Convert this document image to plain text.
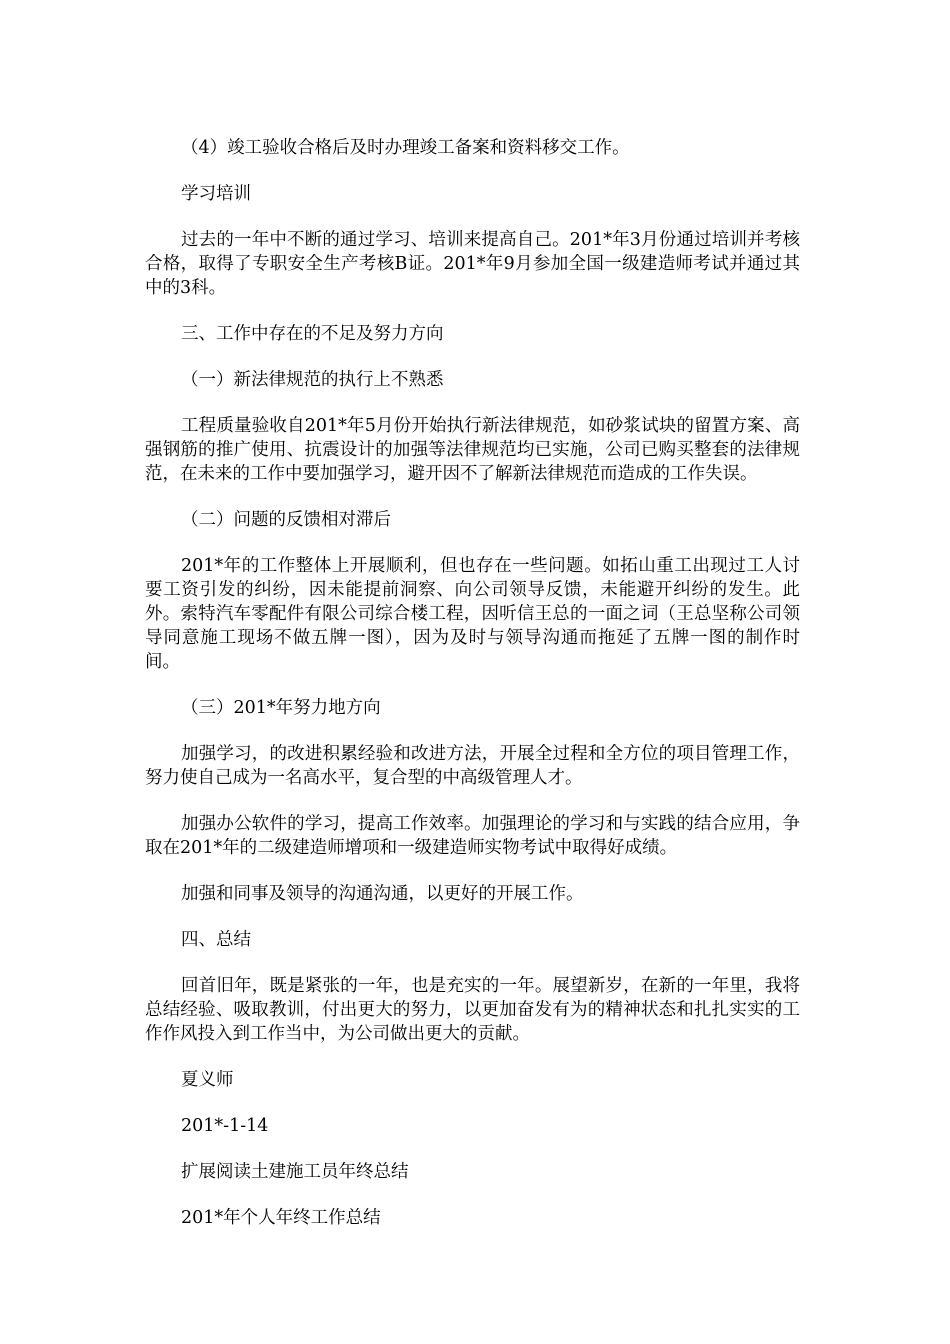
（4）竣工验收合格后及时办理竣工备案和资料移交工作。

学习培训

过去的一年中不断的通过学习、培训来提高自己。201*年3月份通过培训并考核合格，取得了专职安全生产考核B证。201*年9月参加全国一级建造师考试并通过其中的3科。

三、工作中存在的不足及努力方向

（一）新法律规范的执行上不熟悉

工程质量验收自201*年5月份开始执行新法律规范，如砂浆试块的留置方案、高强钢筋的推广使用、抗震设计的加强等法律规范均已实施，公司已购买整套的法律规范，在未来的工作中要加强学习，避开因不了解新法律规范而造成的工作失误。

（二）问题的反馈相对滞后

201*年的工作整体上开展顺利，但也存在一些问题。如拓山重工出现过工人讨要工资引发的纠纷，因未能提前洞察、向公司领导反馈，未能避开纠纷的发生。此外。索特汽车零配件有限公司综合楼工程，因听信王总的一面之词（王总坚称公司领导同意施工现场不做五牌一图），因为及时与领导沟通而拖延了五牌一图的制作时间。

（三）201*年努力地方向

加强学习，的改进积累经验和改进方法，开展全过程和全方位的项目管理工作，努力使自己成为一名高水平，复合型的中高级管理人才。

加强办公软件的学习，提高工作效率。加强理论的学习和与实践的结合应用，争取在201*年的二级建造师增项和一级建造师实物考试中取得好成绩。

加强和同事及领导的沟通沟通，以更好的开展工作。

四、总结

回首旧年，既是紧张的一年，也是充实的一年。展望新岁，在新的一年里，我将总结经验、吸取教训，付出更大的努力，以更加奋发有为的精神状态和扎扎实实的工作作风投入到工作当中，为公司做出更大的贡献。

夏义师

201*-1-14

扩展阅读土建施工员年终总结

201*年个人年终工作总结
